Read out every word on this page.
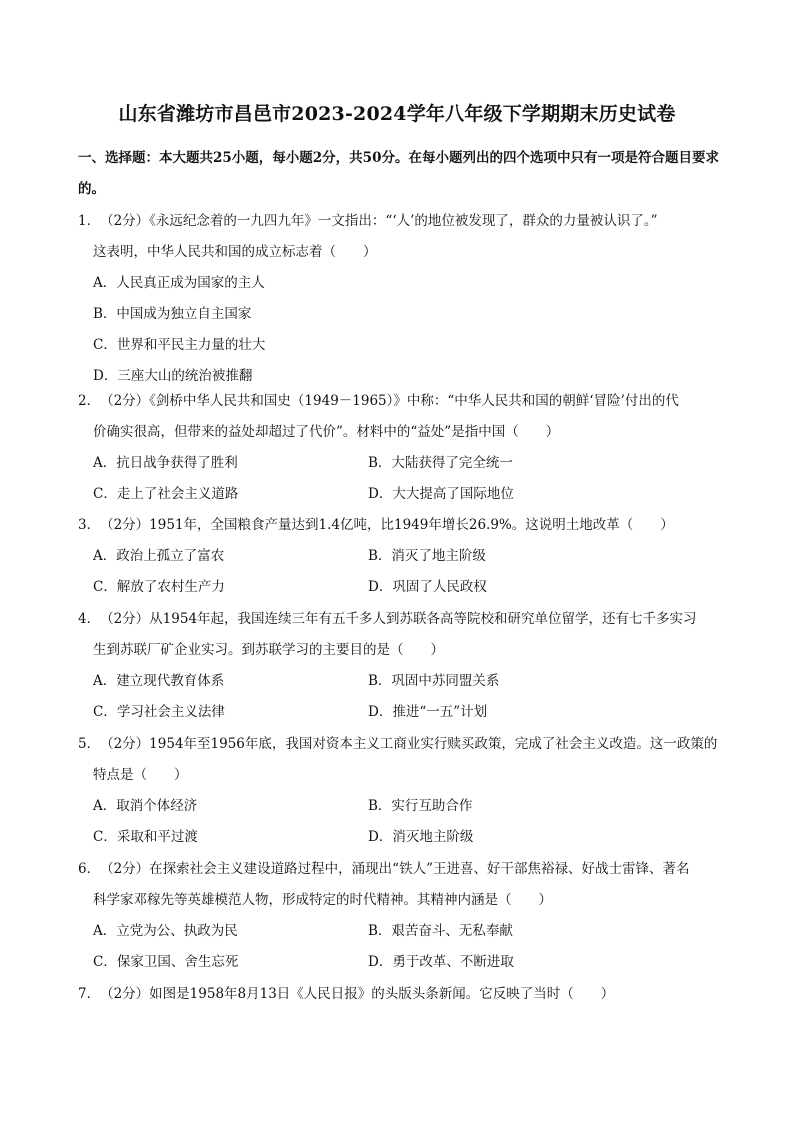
山东省潍坊市昌邑市2023-2024学年八年级下学期期末历史试卷
一、选择题：本大题共25小题，每小题2分，共50分。在每小题列出的四个选项中只有一项是符合题目要求的。
1．（2分）《永远纪念着的一九四九年》一文指出：“‘人’的地位被发现了，群众的力量被认识了。”
这表明，中华人民共和国的成立标志着（　　）
A．人民真正成为国家的主人
B．中国成为独立自主国家
C．世界和平民主力量的壮大
D．三座大山的统治被推翻
2．（2分）《剑桥中华人民共和国史（1949－1965）》中称：“中华人民共和国的朝鲜‘冒险’付出的代
价确实很高，但带来的益处却超过了代价”。材料中的“益处”是指中国（　　）
A．抗日战争获得了胜利	B．大陆获得了完全统一
C．走上了社会主义道路	D．大大提高了国际地位
3．（2分）1951年，全国粮食产量达到1.4亿吨，比1949年增长26.9%。这说明土地改革（　　）
A．政治上孤立了富农	B．消灭了地主阶级
C．解放了农村生产力	D．巩固了人民政权
4．（2分）从1954年起，我国连续三年有五千多人到苏联各高等院校和研究单位留学，还有七千多实习
生到苏联厂矿企业实习。到苏联学习的主要目的是（　　）
A．建立现代教育体系	B．巩固中苏同盟关系
C．学习社会主义法律	D．推进“一五”计划
5．（2分）1954年至1956年底，我国对资本主义工商业实行赎买政策，完成了社会主义改造。这一政策的
特点是（　　）
A．取消个体经济	B．实行互助合作
C．采取和平过渡	D．消灭地主阶级
6．（2分）在探索社会主义建设道路过程中，涌现出“铁人”王进喜、好干部焦裕禄、好战士雷锋、著名
科学家邓稼先等英雄模范人物，形成特定的时代精神。其精神内涵是（　　）
A．立党为公、执政为民	B．艰苦奋斗、无私奉献
C．保家卫国、舍生忘死	D．勇于改革、不断进取
7．（2分）如图是1958年8月13日《人民日报》的头版头条新闻。它反映了当时（　　）
